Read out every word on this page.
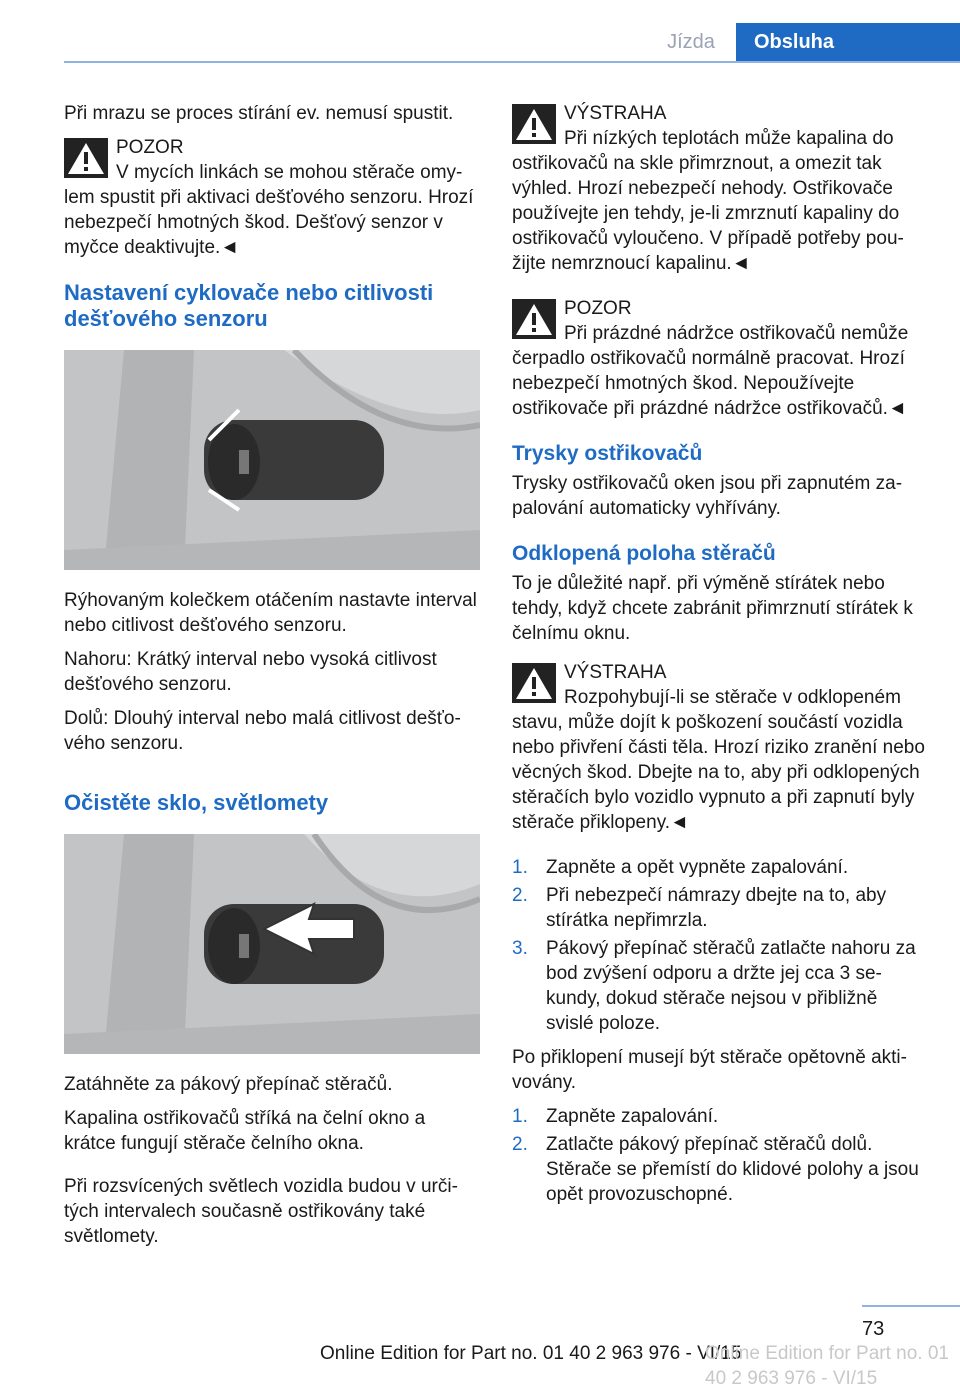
Jízda	Obsluha

Při mrazu se proces stírání ev. nemusí spustit.

POZOR
V mycích linkách se mohou stěrače omylem spustit při aktivaci dešťového senzoru. Hrozí nebezpečí hmotných škod. Dešťový senzor v myčce deaktivujte.◄
Nastavení cyklovače nebo citlivosti dešťového senzoru

Rýhovaným kolečkem otáčením nastavte interval nebo citlivost dešťového senzoru.

Nahoru: Krátký interval nebo vysoká citlivost dešťového senzoru.

Dolů: Dlouhý interval nebo malá citlivost dešťového senzoru.

Očistěte sklo, světlomety

Zatáhněte za pákový přepínač stěračů.

Kapalina ostřikovačů stříká na čelní okno a krátce fungují stěrače čelního okna.

Při rozsvícených světlech vozidla budou v určitých intervalech současně ostřikovány také světlomety.

VÝSTRAHA
Při nízkých teplotách může kapalina do ostřikovačů na skle přimrznout, a omezit tak výhled. Hrozí nebezpečí nehody. Ostřikovače používejte jen tehdy, je-li zmrznutí kapaliny do ostřikovačů vyloučeno. V případě potřeby použijte nemrznoucí kapalinu.◄
POZOR
Při prázdné nádržce ostřikovačů nemůže čerpadlo ostřikovačů normálně pracovat. Hrozí nebezpečí hmotných škod. Nepoužívejte ostřikovače při prázdné nádržce ostřikovačů.◄
Trysky ostřikovačů

Trysky ostřikovačů oken jsou při zapnutém zapalování automaticky vyhřívány.

Odklopená poloha stěračů

To je důležité např. při výměně stírátek nebo tehdy, když chcete zabránit přimrznutí stírátek k čelnímu oknu.

VÝSTRAHA
Rozpohybují-li se stěrače v odklopeném stavu, může dojít k poškození součástí vozidla nebo přivření části těla. Hrozí riziko zranění nebo věcných škod. Dbejte na to, aby při odklopených stěračích bylo vozidlo vypnuto a při zapnutí byly stěrače přiklopeny.◄
1. Zapněte a opět vypněte zapalování.
2. Při nebezpečí námrazy dbejte na to, aby stírátka nepřimrzla.
3. Pákový přepínač stěračů zatlačte nahoru za bod zvýšení odporu a držte jej cca 3 sekundy, dokud stěrače nejsou v přibližně svislé poloze.

Po přiklopení musejí být stěrače opětovně aktivovány.

1. Zapněte zapalování.
2. Zatlačte pákový přepínač stěračů dolů. Stěrače se přemístí do klidové polohy a jsou opět provozuschopné.
73
Online Edition for Part no. 01 40 2 963 976 - VI/15
Online Edition for Part no. 01 40 2 963 976 - VI/15
